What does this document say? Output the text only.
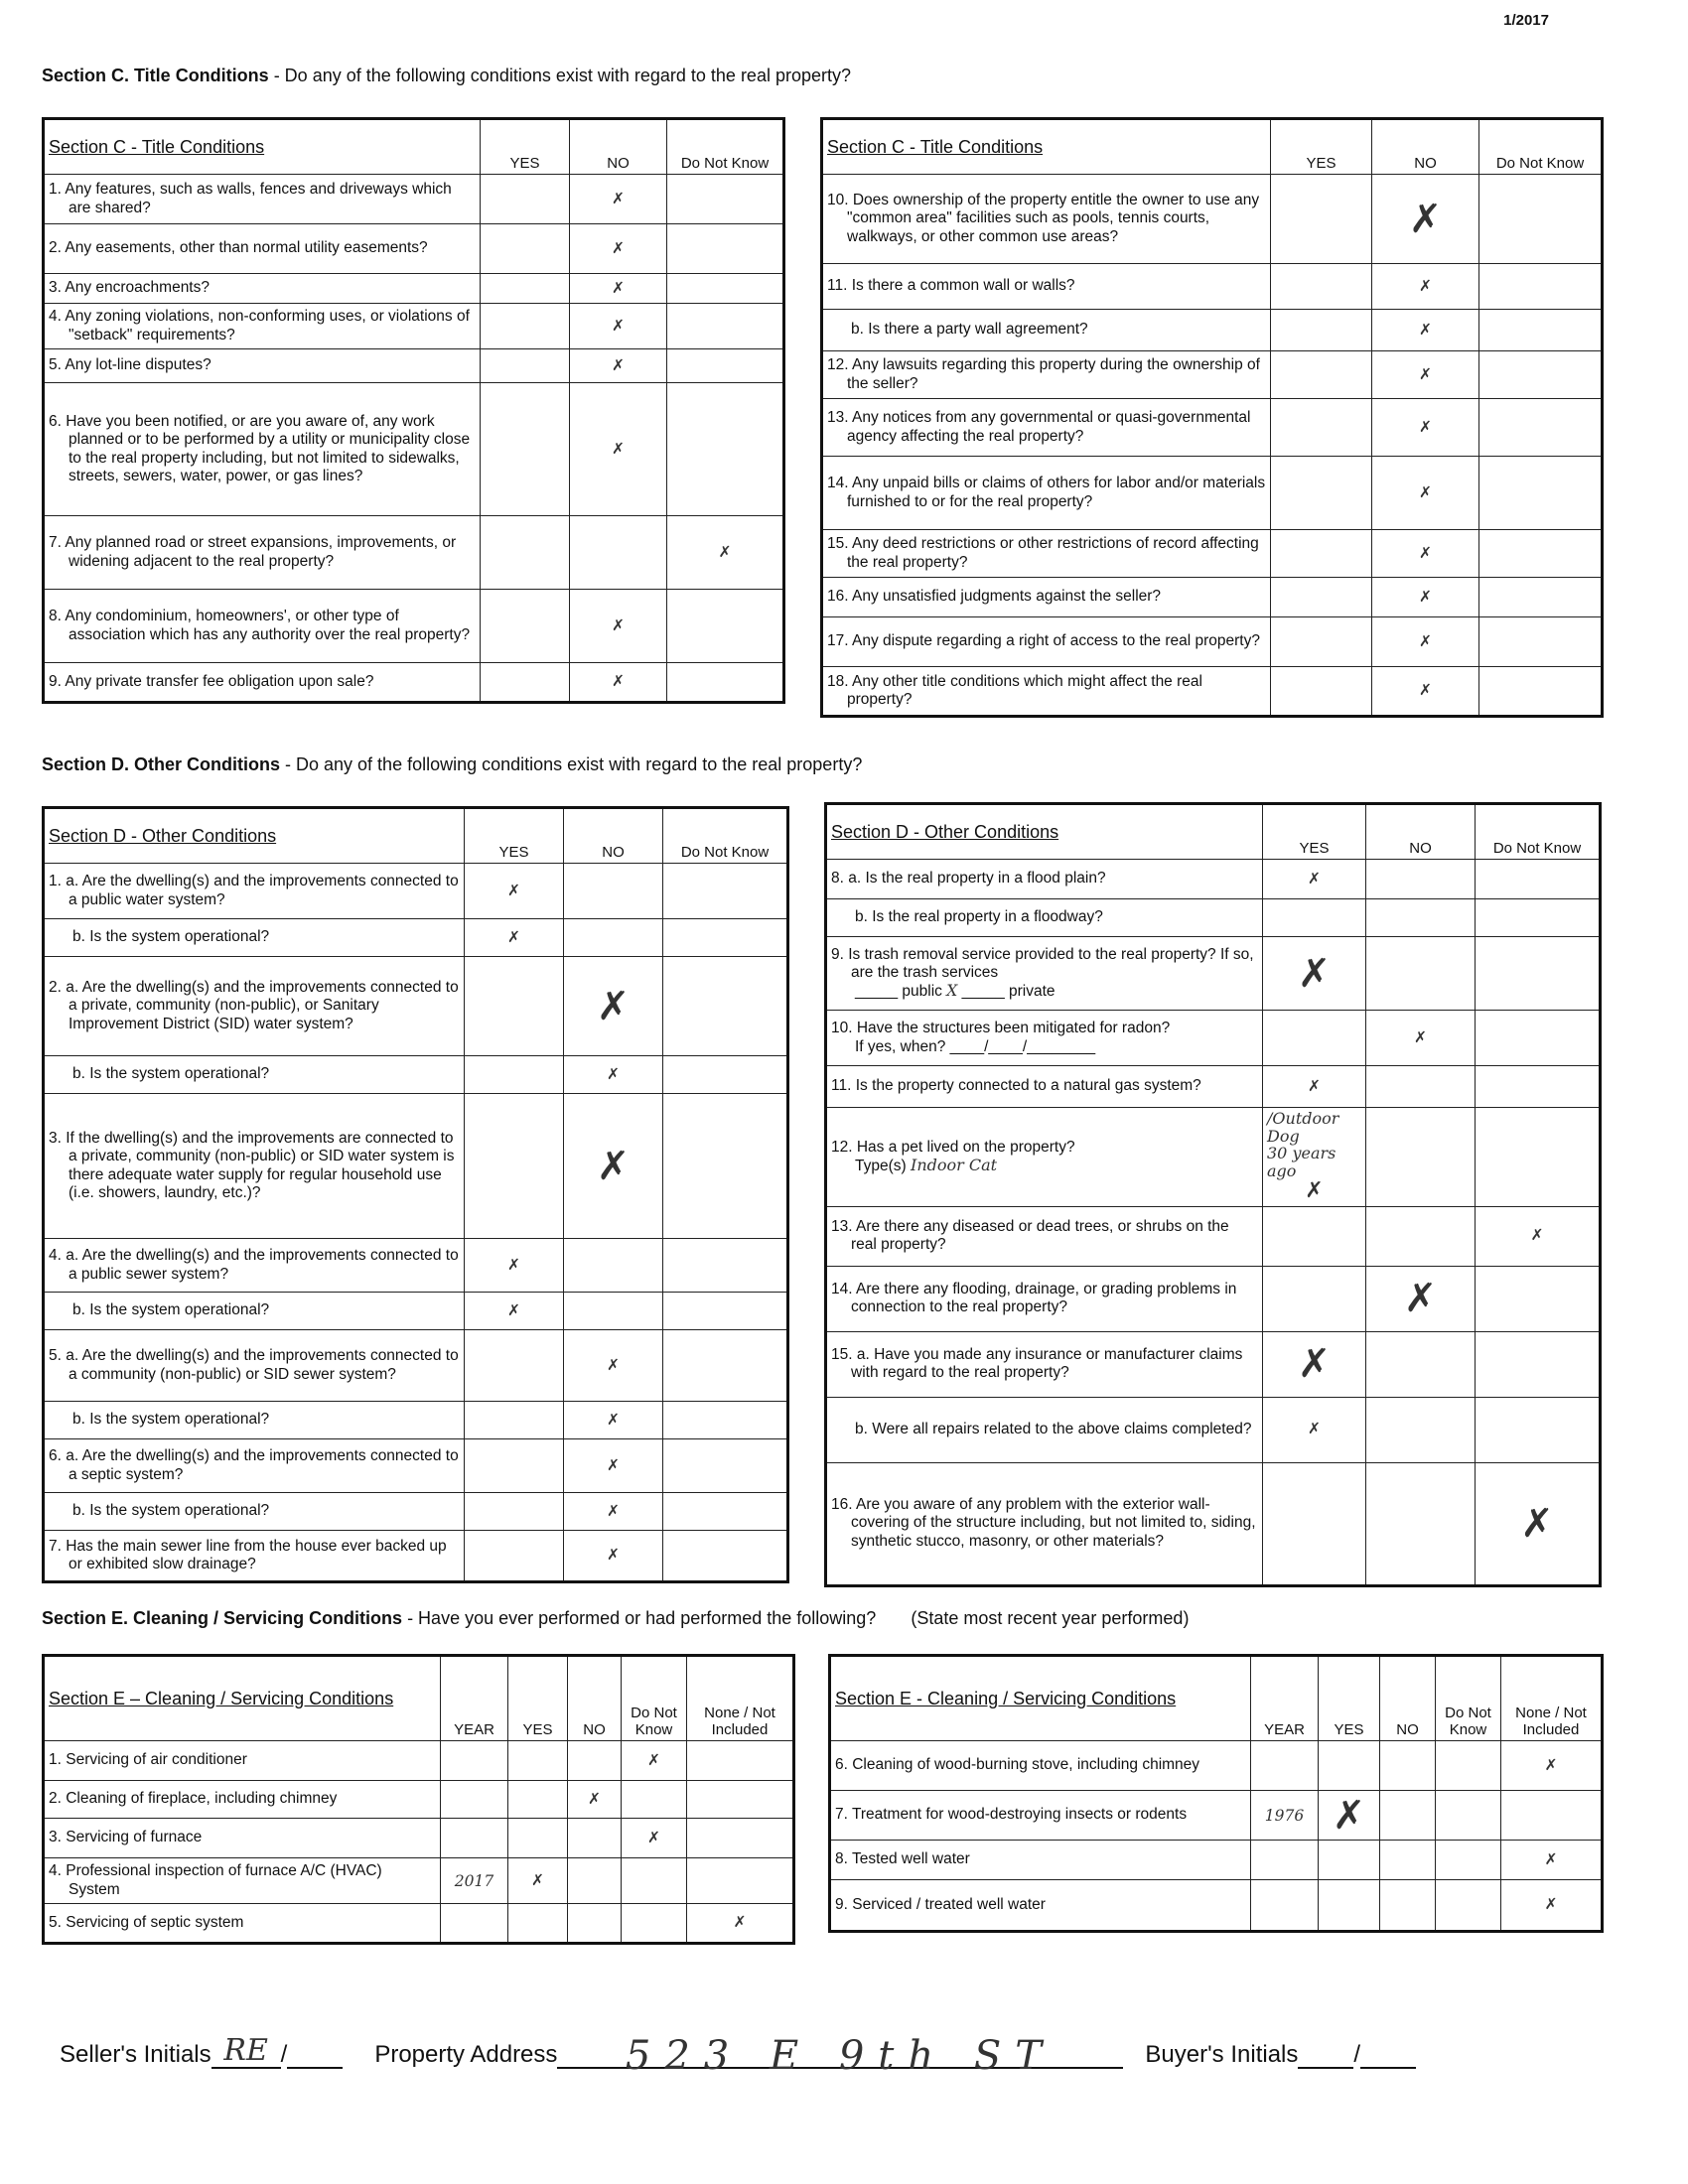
1/2017
Section C. Title Conditions - Do any of the following conditions exist with regard to the real property?
Section C - Title Conditions	YES	NO	Do Not Know

1. Any features, such as walls, fences and driveways which are shared?		✗	

2. Any easements, other than normal utility easements?		✗	

3. Any encroachments?		✗	

4. Any zoning violations, non-conforming uses, or violations of "setback" requirements?		✗	

5. Any lot-line disputes?		✗	

6. Have you been notified, or are you aware of, any work planned or to be performed by a utility or municipality close to the real property including, but not limited to sidewalks, streets, sewers, water, power, or gas lines?		✗	

7. Any planned road or street expansions, improvements, or widening adjacent to the real property?			✗

8. Any condominium, homeowners', or other type of association which has any authority over the real property?		✗	

9. Any private transfer fee obligation upon sale?		✗	
Section C - Title Conditions	YES	NO	Do Not Know

10. Does ownership of the property entitle the owner to use any "common area" facilities such as pools, tennis courts, walkways, or other common use areas?		✗	

11. Is there a common wall or walls?		✗	

b. Is there a party wall agreement?		✗	

12. Any lawsuits regarding this property during the ownership of the seller?		✗	

13. Any notices from any governmental or quasi-governmental agency affecting the real property?		✗	

14. Any unpaid bills or claims of others for labor and/or materials furnished to or for the real property?		✗	

15. Any deed restrictions or other restrictions of record affecting the real property?		✗	

16. Any unsatisfied judgments against the seller?		✗	

17. Any dispute regarding a right of access to the real property?		✗	

18. Any other title conditions which might affect the real property?		✗	
Section D. Other Conditions - Do any of the following conditions exist with regard to the real property?
Section D - Other Conditions	YES	NO	Do Not Know

1. a. Are the dwelling(s) and the improvements connected to a public water system?	✗		

b. Is the system operational?	✗		

2. a. Are the dwelling(s) and the improvements connected to a private, community (non-public), or Sanitary Improvement District (SID) water system?		✗	

b. Is the system operational?		✗	

3. If the dwelling(s) and the improvements are connected to a private, community (non-public) or SID water system is there adequate water supply for regular household use (i.e. showers, laundry, etc.)?		✗	

4. a. Are the dwelling(s) and the improvements connected to a public sewer system?	✗		

b. Is the system operational?	✗		

5. a. Are the dwelling(s) and the improvements connected to a community (non-public) or SID sewer system?		✗	

b. Is the system operational?		✗	

6. a. Are the dwelling(s) and the improvements connected to a septic system?		✗	

b. Is the system operational?		✗	

7. Has the main sewer line from the house ever backed up or exhibited slow drainage?		✗	
Section D - Other Conditions	YES	NO	Do Not Know

8. a. Is the real property in a flood plain?	✗		

b. Is the real property in a floodway?			

9. Is trash removal service provided to the real property? If so, are the trash services
_____ public X _____ private	✗		

10. Have the structures been mitigated for radon?
If yes, when? ____/____/________		✗	

11. Is the property connected to a natural gas system?	✗		

12. Has a pet lived on the property?
Type(s) Indoor Cat	/Outdoor Dog
30 years ago
✗		

13. Are there any diseased or dead trees, or shrubs on the real property?			✗

14. Are there any flooding, drainage, or grading problems in connection to the real property?		✗	

15. a. Have you made any insurance or manufacturer claims with regard to the real property?	✗		

b. Were all repairs related to the above claims completed?	✗		

16. Are you aware of any problem with the exterior wall-covering of the structure including, but not limited to, siding, synthetic stucco, masonry, or other materials?			✗
Section E. Cleaning / Servicing Conditions - Have you ever performed or had performed the following? (State most recent year performed)
Section E – Cleaning / Servicing Conditions	YEAR	YES	NO	Do Not Know	None / Not Included

1. Servicing of air conditioner				✗	

2. Cleaning of fireplace, including chimney			✗		

3. Servicing of furnace				✗	

4. Professional inspection of furnace A/C (HVAC) System	2017	✗			

5. Servicing of septic system					✗
Section E - Cleaning / Servicing Conditions	YEAR	YES	NO	Do Not Know	None / Not Included

6. Cleaning of wood-burning stove, including chimney					✗

7. Treatment for wood-destroying insects or rodents	1976	✗			

8. Tested well water					✗

9. Serviced / treated well water					✗
Seller's Initials RE /	Property Address	523 E 9th ST	Buyer's Initials /
